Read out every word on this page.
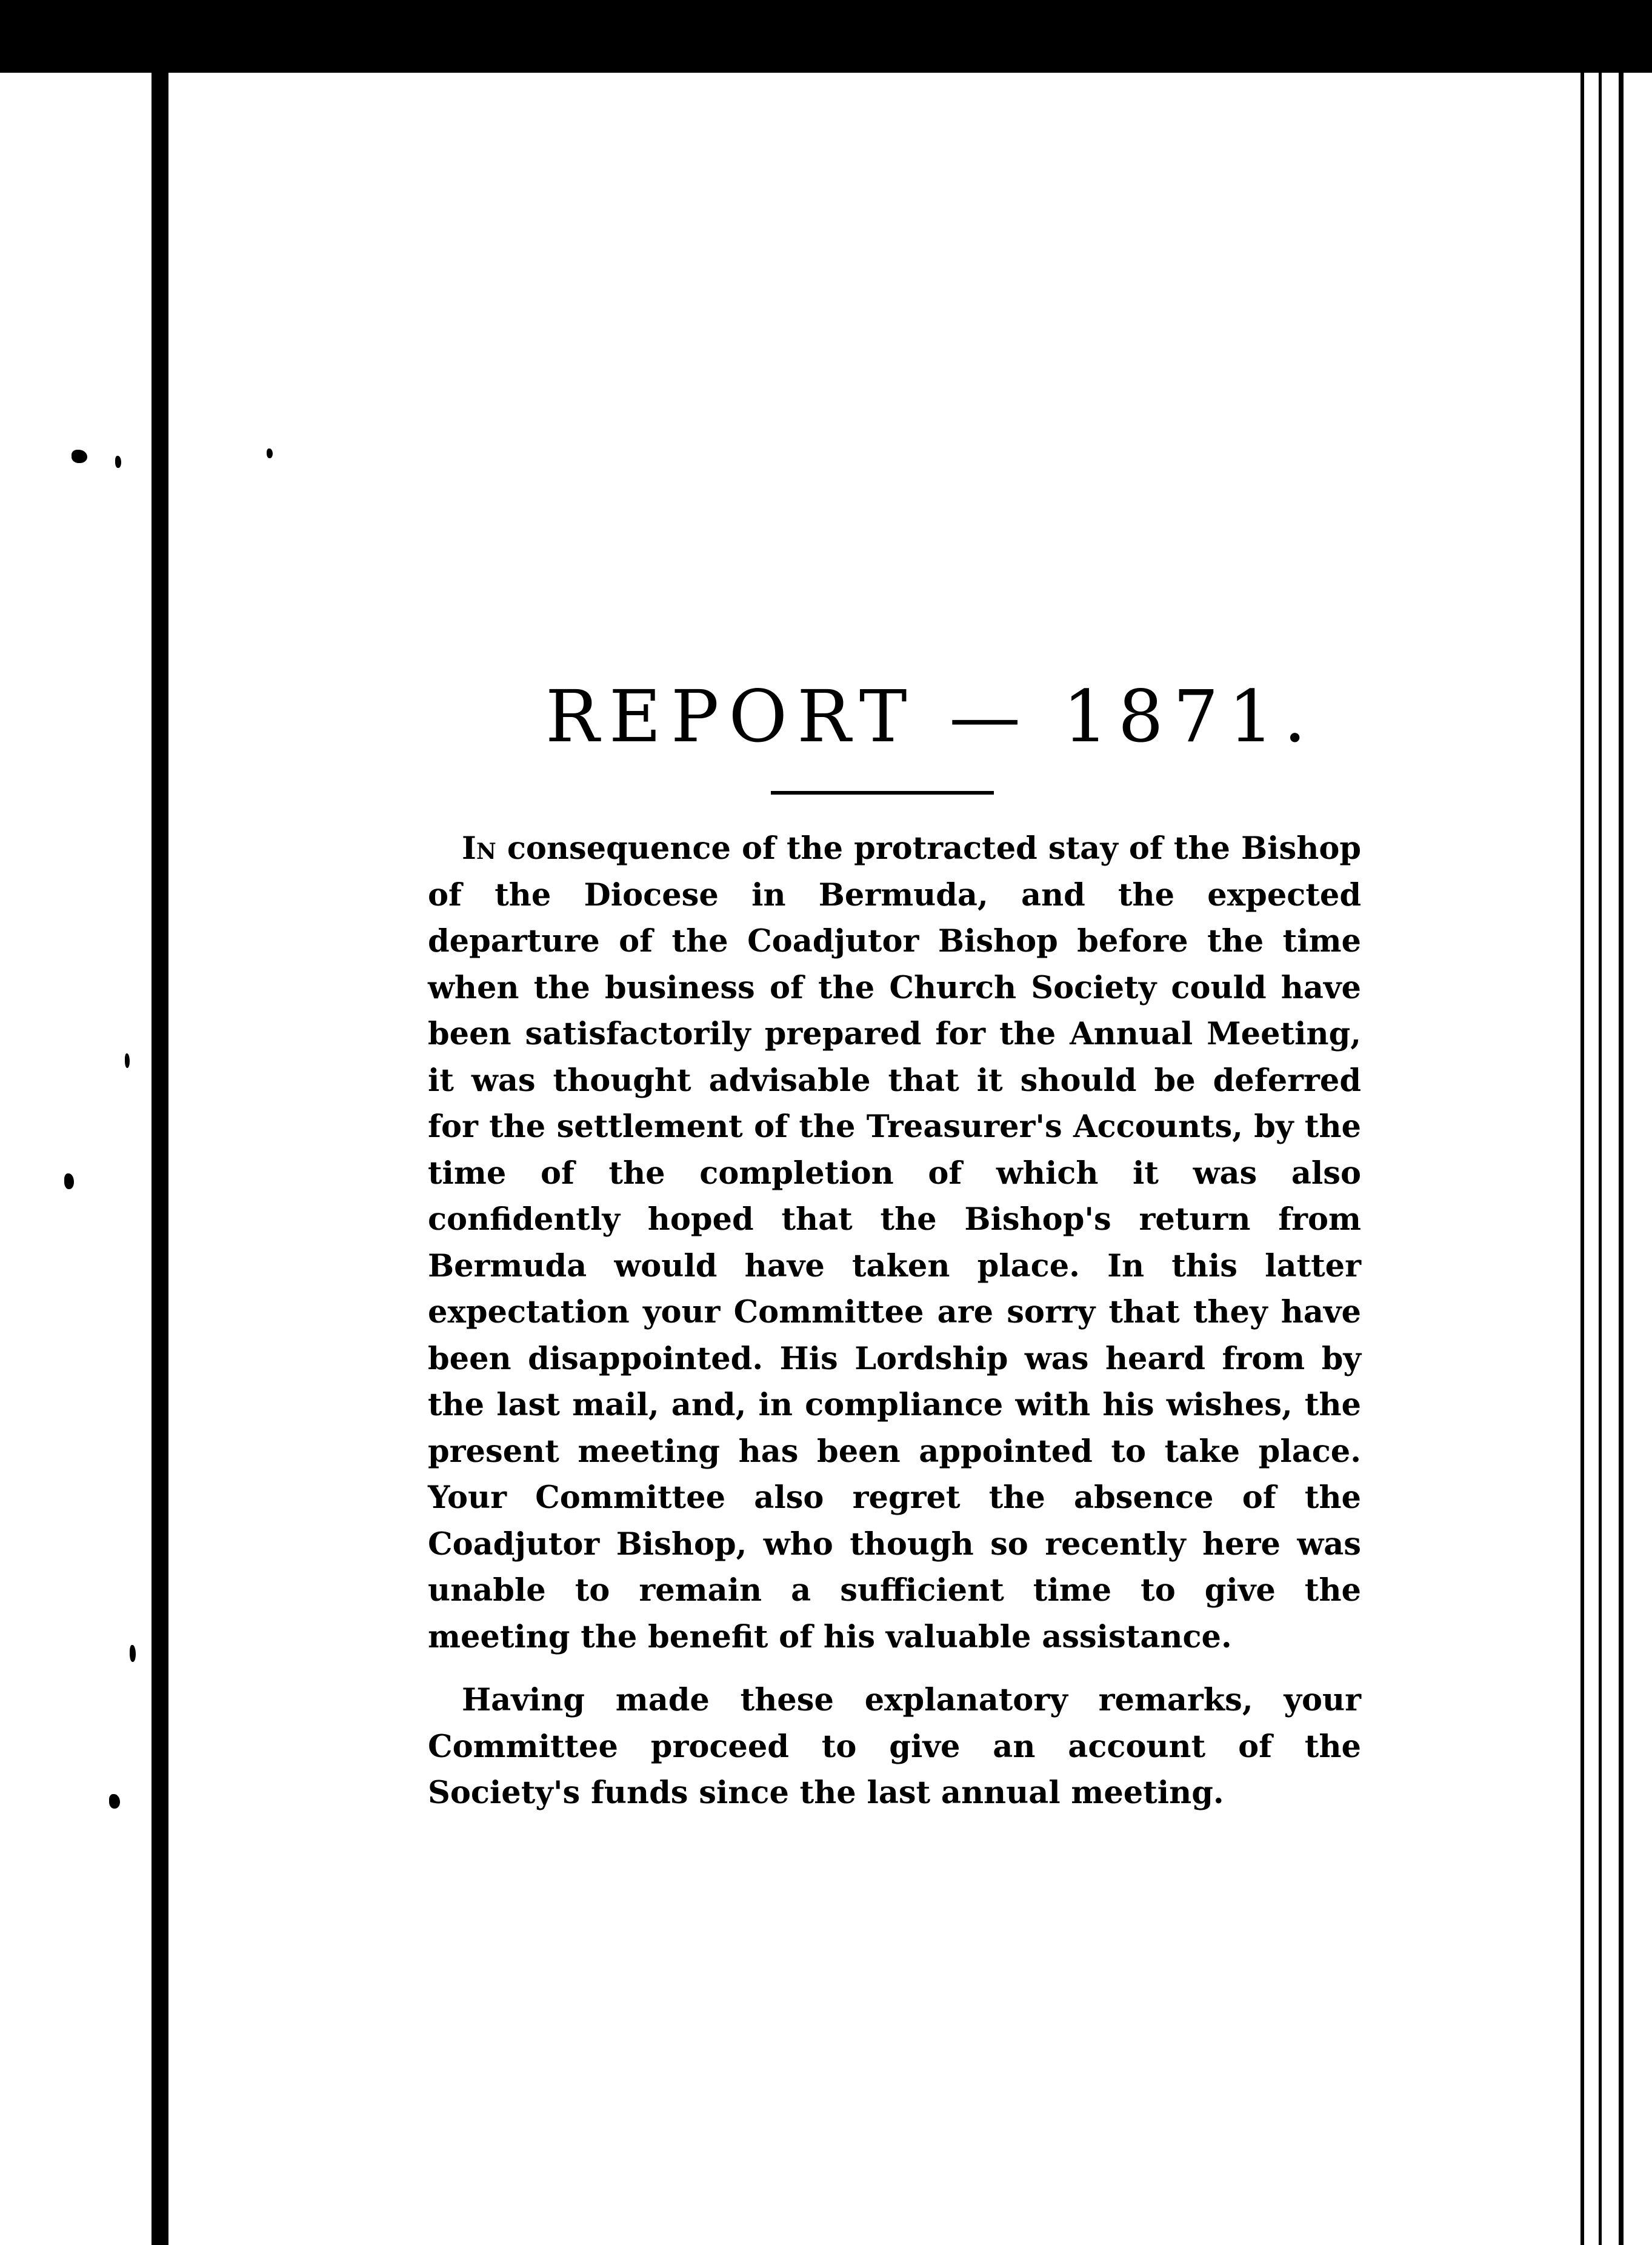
REPORT — 1871.

In consequence of the protracted stay of the Bishop of the Diocese in Bermuda, and the expected departure of the Coadjutor Bishop before the time when the business of the Church Society could have been satisfactorily prepared for the Annual Meeting, it was thought advisable that it should be deferred for the settlement of the Treasurer's Accounts, by the time of the completion of which it was also confidently hoped that the Bishop's return from Bermuda would have taken place. In this latter expectation your Committee are sorry that they have been disappointed. His Lordship was heard from by the last mail, and, in compliance with his wishes, the present meeting has been appointed to take place. Your Committee also regret the absence of the Coadjutor Bishop, who though so recently here was unable to remain a sufficient time to give the meeting the benefit of his valuable assistance.

Having made these explanatory remarks, your Committee proceed to give an account of the Society's funds since the last annual meeting.
